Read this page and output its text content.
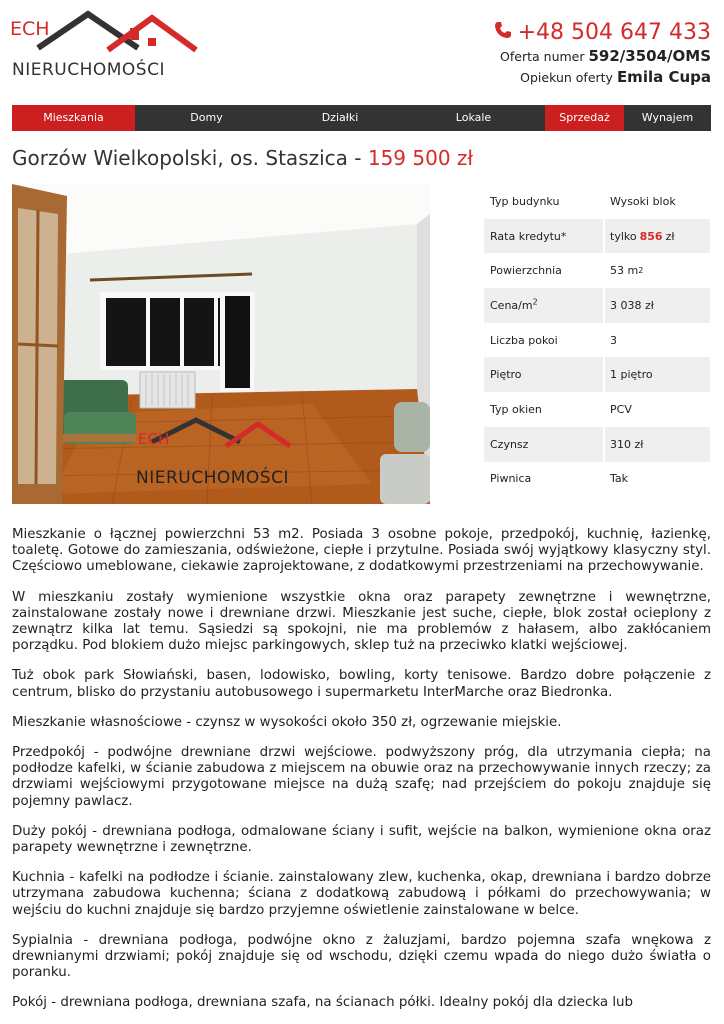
ECH
NIERUCHOMOŚCI
+48 504 647 433
Oferta numer 592/3504/OMS
Opiekun oferty Emila Cupa
Mieszkania	Domy	Działki	Lokale	Sprzedaż	Wynajem
Gorzów Wielkopolski, os. Staszica - 159 500 zł
ECH
NIERUCHOMOŚCI
Typ budynku	Wysoki blok
Rata kredytu*	tylko 856 zł
Powierzchnia	53 m 2
Cena/$m^2$	3 038 zł
Liczba pokoi	3
Piętro	1 piętro
Typ okien	PCV
Czynsz	310 zł
Piwnica	Tak

Mieszkanie o łącznej powierzchni 53 m2. Posiada 3 osobne pokoje, przedpokój, kuchnię, łazienkę, toaletę. Gotowe do zamieszania, odświeżone, ciepłe i przytulne. Posiada swój wyjątkowy klasyczny styl. Częściowo umeblowane, ciekawie zaprojektowane, z dodatkowymi przestrzeniami na przechowywanie.

W mieszkaniu zostały wymienione wszystkie okna oraz parapety zewnętrzne i wewnętrzne, zainstalowane zostały nowe i drewniane drzwi. Mieszkanie jest suche, ciepłe, blok został ocieplony z zewnątrz kilka lat temu. Sąsiedzi są spokojni, nie ma problemów z hałasem, albo zakłócaniem porządku. Pod blokiem dużo miejsc parkingowych, sklep tuż na przeciwko klatki wejściowej.

Tuż obok park Słowiański, basen, lodowisko, bowling, korty tenisowe. Bardzo dobre połączenie z centrum, blisko do przystaniu autobusowego i supermarketu InterMarche oraz Biedronka.

Mieszkanie własnościowe - czynsz w wysokości około 350 zł, ogrzewanie miejskie.

Przedpokój - podwójne drewniane drzwi wejściowe. podwyższony próg, dla utrzymania ciepła; na podłodze kafelki, w ścianie zabudowa z miejscem na obuwie oraz na przechowywanie innych rzeczy; za drzwiami wejściowymi przygotowane miejsce na dużą szafę; nad przejściem do pokoju znajduje się pojemny pawlacz.

Duży pokój - drewniana podłoga, odmalowane ściany i sufit, wejście na balkon, wymienione okna oraz parapety wewnętrzne i zewnętrzne.

Kuchnia - kafelki na podłodze i ścianie. zainstalowany zlew, kuchenka, okap, drewniana i bardzo dobrze utrzymana zabudowa kuchenna; ściana z dodatkową zabudową i półkami do przechowywania; w wejściu do kuchni znajduje się bardzo przyjemne oświetlenie zainstalowane w belce.

Sypialnia - drewniana podłoga, podwójne okno z żaluzjami, bardzo pojemna szafa wnękowa z drewnianymi drzwiami; pokój znajduje się od wschodu, dzięki czemu wpada do niego dużo światła o poranku.

Pokój - drewniana podłoga, drewniana szafa, na ścianach półki. Idealny pokój dla dziecka lub
